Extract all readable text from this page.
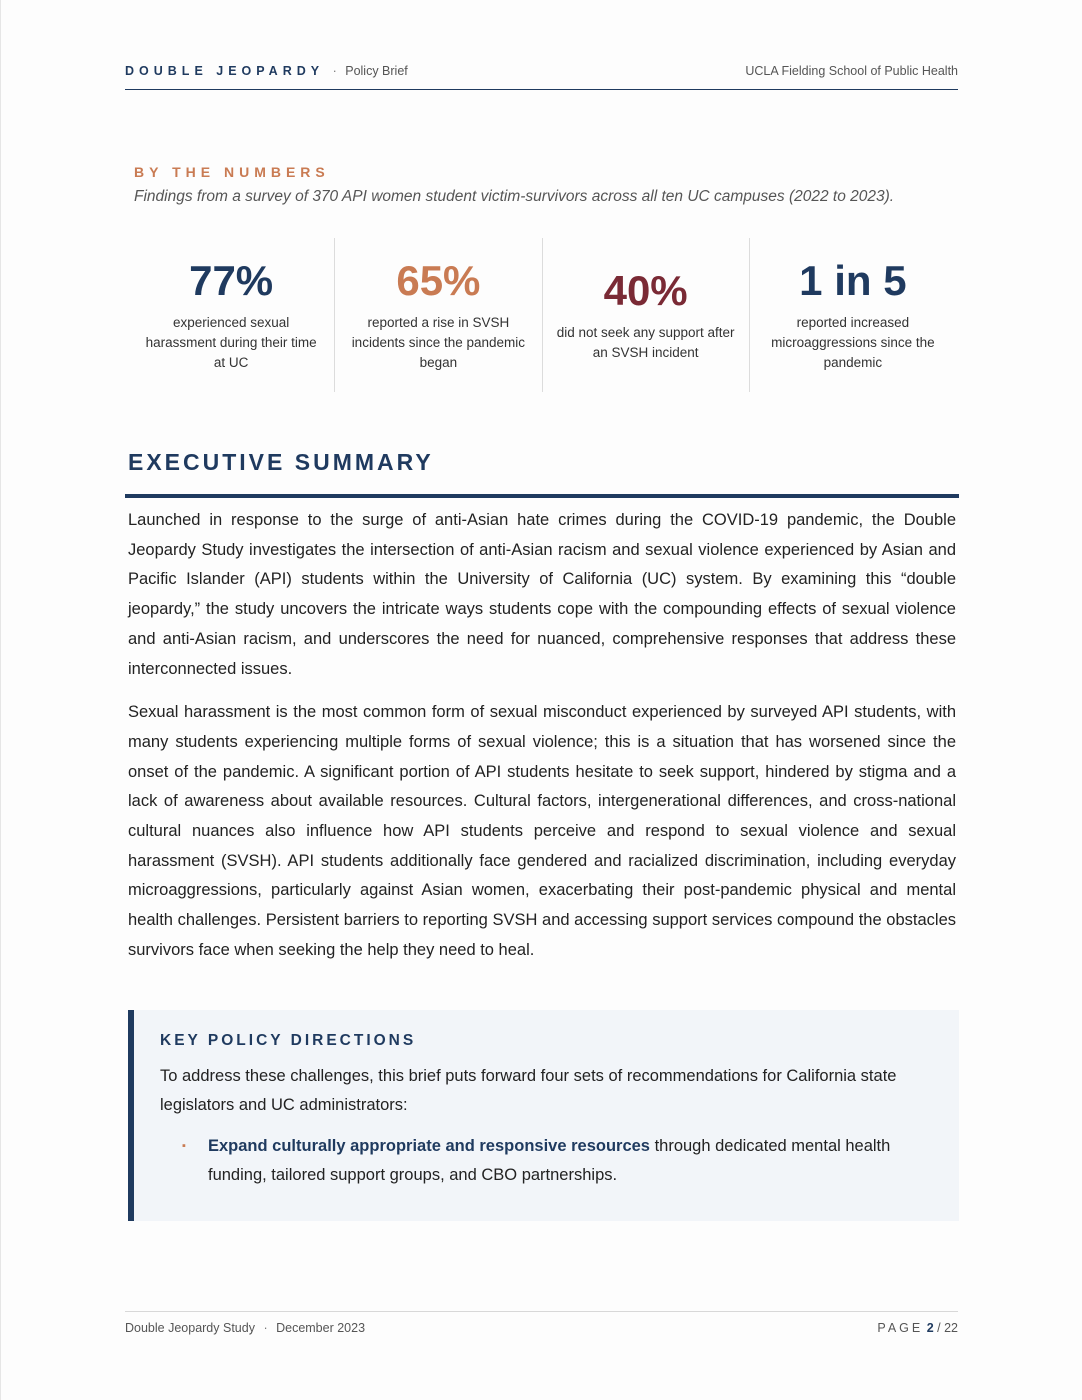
DOUBLE JEOPARDY · Policy Brief	UCLA Fielding School of Public Health
BY THE NUMBERS
Findings from a survey of 370 API women student victim-survivors across all ten UC campuses (2022 to 2023).
77%
experienced sexual harassment during their time at UC
65%
reported a rise in SVSH incidents since the pandemic began
40%
did not seek any support after an SVSH incident
1 in 5
reported increased microaggressions since the pandemic
EXECUTIVE SUMMARY

Launched in response to the surge of anti-Asian hate crimes during the COVID-19 pandemic, the Double Jeopardy Study investigates the intersection of anti-Asian racism and sexual violence experienced by Asian and Pacific Islander (API) students within the University of California (UC) system. By examining this “double jeopardy,” the study uncovers the intricate ways students cope with the compounding effects of sexual violence and anti-Asian racism, and underscores the need for nuanced, comprehensive responses that address these interconnected issues.

Sexual harassment is the most common form of sexual misconduct experienced by surveyed API students, with many students experiencing multiple forms of sexual violence; this is a situation that has worsened since the onset of the pandemic. A significant portion of API students hesitate to seek support, hindered by stigma and a lack of awareness about available resources. Cultural factors, intergenerational differences, and cross-national cultural nuances also influence how API students perceive and respond to sexual violence and sexual harassment (SVSH). API students additionally face gendered and racialized discrimination, including everyday microaggressions, particularly against Asian women, exacerbating their post-pandemic physical and mental health challenges. Persistent barriers to reporting SVSH and accessing support services compound the obstacles survivors face when seeking the help they need to heal.

KEY POLICY DIRECTIONS
To address these challenges, this brief puts forward four sets of recommendations for California state legislators and UC administrators:
▪	Expand culturally appropriate and responsive resources through dedicated mental health funding, tailored support groups, and CBO partnerships.
Double Jeopardy Study · December 2023	PAGE 2 / 22
